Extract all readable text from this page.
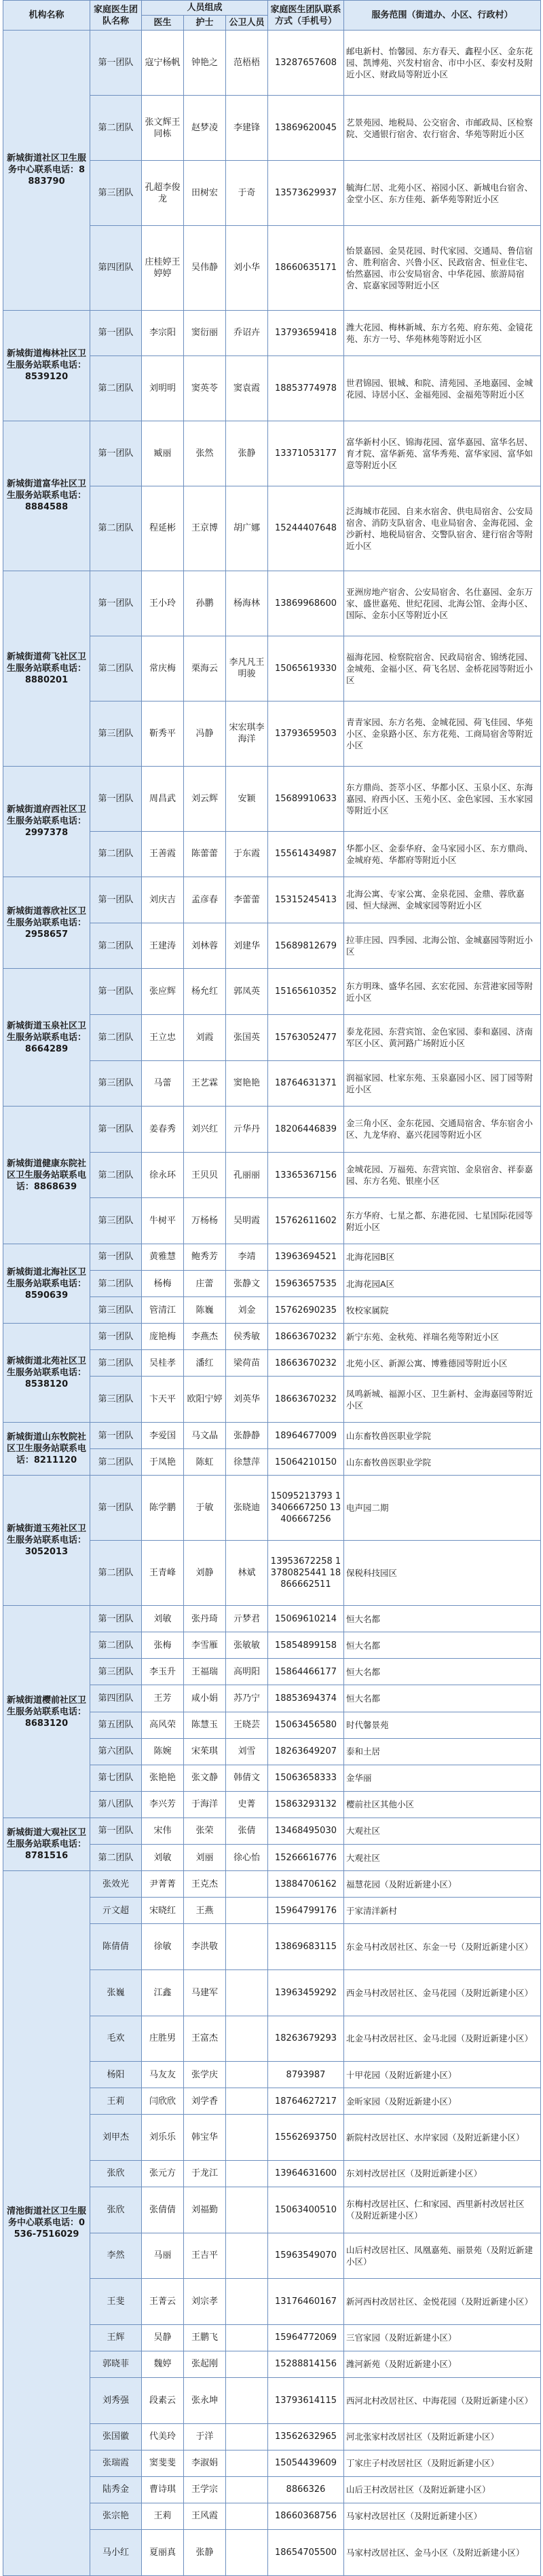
机构名称	家庭医生团队名称	人员组成			家庭医生团队联系方式（手机号）	服务范围（街道办、小区、行政村）
		医生	护士	公卫人员		
新城街道社区卫生服务中心联系电话：8883790	第一团队	寇宁杨帆	钟艳之	范梧梧	13287657608	邮电新村、怡馨园、东方春天、鑫程小区、金东花园、凯博苑、兴发村宿舍、市中小区、泰安村及附近小区、财政局等附近小区
	第二团队	张文辉王同栋	赵梦凌	李建锋	13869620045	艺景苑园、地税局、公交宿舍、市邮政局、区检察院、交通银行宿舍、农行宿舍、华苑等附近小区
	第三团队	孔超李俊龙	田树宏	于奇	13573629937	毓海仁居、北苑小区、裕园小区、新城电台宿舍、金堂小区、东方佳苑、新华苑等附近小区
	第四团队	庄桂婷王婷婷	吴伟静	刘小华	18660635171	怡景嘉园、金昊花园、时代家园、交通局、鲁信宿舍、胜利宿舍、兴鲁小区、民政宿舍、恒业住宅、怡然嘉园、市公安局宿舍、中华花园、旅游局宿舍、宸嘉家园等附近小区
新城街道梅林社区卫生服务站联系电话：8539120	第一团队	李宗阳	窦衍丽	乔诏卉	13793659418	潍大花园、梅林新城、东方名苑、府东苑、金镜花苑、东方一号、华苑林苑等附近小区
	第二团队	刘明明	窦英苓	窦袁霞	18853774978	世君锦园、银城、和院、清苑园、圣地嘉园、金城花园、诗居小区、金福苑园、金福苑等附近小区
新城街道富华社区卫生服务站联系电话：8884588	第一团队	臧丽	张然	张静	13371053177	富华新村小区、锦海花园、富华嘉园、富华名居、育才院、富华新苑、富华秀苑、富华家园、富华如意等附近小区
	第二团队	程延彬	王京博	胡广娜	15244407648	泛海城市花园、自来水宿舍、供电局宿舍、公安局宿舍、消防支队宿舍、电业局宿舍、金海花园、金沙新村、地税局宿舍、交警队宿舍、建行宿舍等附近小区
新城街道荷飞社区卫生服务站联系电话：8880201	第一团队	王小玲	孙鹏	杨海林	13869968600	亚洲房地产宿舍、公安局宿舍、名仕嘉园、金东万家、盛世嘉苑、世纪花园、北海公馆、金海小区、国际、金东小区等附近小区
	第二团队	常庆梅	栗海云	李凡凡王明骏	15065619330	福海花园、检察院宿舍、民政局宿舍、锦绣花园、金城苑、金福小区、荷飞名居、金桥花园等附近小区
	第三团队	靳秀平	冯静	宋宏琪李海洋	13793659503	青青家园、东方名苑、金城花园、荷飞佳园、华苑小区、金泉路小区、东方花苑、工商局宿舍等附近小区
新城街道府西社区卫生服务站联系电话：2997378	第一团队	周昌武	刘云辉	安颖	15689910633	东方鼎尚、荟萃小区、华都小区、玉泉小区、东海嘉园、府西小区、玉苑小区、金色家园、玉水家园等附近小区
	第二团队	王善霞	陈蕾蕾	于东霞	15561434987	华都小区、金泰华府、金马家园小区、东方鼎尚、金城府苑、华都府等附近小区
新城街道蓉欣社区卫生服务站联系电话：2958657	第一团队	刘庆吉	孟彦春	李蕾蕾	15315245413	北海公寓、专家公寓、金泉花园、金鼎、蓉欣嘉园、恒大绿洲、金城家园等附近小区
	第二团队	王建涛	刘林蓉	刘建华	15689812679	拉菲庄园、四季园、北海公馆、金城嘉园等附近小区
新城街道玉泉社区卫生服务站联系电话：8664289	第一团队	张应辉	杨允红	郭凤英	15165610352	东方明珠、盛华名园、玄宏花园、东营港家园等附近小区
	第二团队	王立忠	刘霞	张国英	15763052477	泰龙花园、东营宾馆、金色家园、泰和嘉园、济南军区小区、黄河路广场附近小区
	第三团队	马蕾	王艺霖	窦艳艳	18764631371	润福家园、杜家东苑、玉泉嘉园小区、园丁园等附近小区
新城街道健康东院社区卫生服务站联系电话：8868639	第一团队	姜春秀	刘兴红	亓华丹	18206446839	金三角小区、金东花园、交通局宿舍、华东宿舍小区、九龙华府、嘉兴花园等附近小区
	第二团队	徐永环	王贝贝	孔丽丽	13365367156	金城花园、万福苑、东营宾馆、金泉宿舍、祥泰嘉园、东方名苑、银座小区
	第三团队	牛树平	万杨杨	吴明霞	15762611602	东方华府、七星之都、东港花园、七星国际花园等附近小区
新城街道北海社区卫生服务站联系电话：8590639	第一团队	黄雅慧	鲍秀芳	李靖	13963694521	北海花园B区
	第二团队	杨梅	庄蕾	张静文	15963657535	北海花园A区
	第三团队	管清江	陈巍	刘金	15762690235	牧校家属院
新城街道北苑社区卫生服务站联系电话：8538120	第一团队	庞艳梅	李燕杰	侯秀敏	18663670232	新宁东苑、金秋苑、祥瑞名苑等附近小区
	第二团队	吴桂孝	潘红	梁荷苗	18663670232	北苑小区、新源公寓、博雅德园等附近小区
	第三团队	卞天平	欧阳宁婷	刘英华	18663670232	凤鸣新城、福源小区、卫生新村、金海嘉园等附近小区
新城街道山东牧院社区卫生服务站联系电话：8211120	第一团队	李爱国	马文晶	张静静	18964677009	山东畜牧兽医职业学院
	第二团队	于凤艳	陈虹	徐慧萍	15064210150	山东畜牧兽医职业学院
新城街道玉苑社区卫生服务站联系电话：3052013	第一团队	陈学鹏	于敏	张晓迪	15095213793 13406667250 13406667256	电声园二期
	第二团队	王青峰	刘静	林斌	13953672258 13780825441 18866662511	保税科技园区
新城街道樱前社区卫生服务站联系电话：8683120	第一团队	刘敏	张丹琦	亓梦君	15069610214	恒大名都
	第二团队	张梅	李雪雁	张敏敏	15854899158	恒大名都
	第三团队	李玉升	王福瑞	高明阳	15864466177	恒大名都
	第四团队	王芳	咸小娟	苏乃宁	18853694374	恒大名都
	第五团队	高风荣	陈慧玉	王晓芸	15063456580	时代馨景苑
	第六团队	陈婉	宋茱琪	刘雪	18263649207	泰和土居
	第七团队	张艳艳	张文静	韩倩文	15063658333	金华丽
	第八团队	李兴芳	于海洋	史菁	15863293132	樱前社区其他小区
新城街道大观社区卫生服务站联系电话：8781516	第一团队	宋伟	张荣	张倩	13468495030	大观社区
	第二团队	刘敏	刘丽	徐心怡	15266616776	大观社区
清池街道社区卫生服务中心联系电话：0536-7516029	张效光	尹菁菁	王克杰		13884706162	福慧花园（及附近新建小区）
	亓文超	宋晓红	王燕		15964799176	于家清洋新村
	陈倩倩	徐敏	李洪敬		13869683115	东金马村改居社区、东金一号（及附近新建小区）
	张巍	江鑫	马建军		13963459292	西金马村改居社区、金马花园（及附近新建小区）
	毛欢	庄胜男	王富杰		18263679293	北金马村改居社区、金马北园（及附近新建小区）
	杨阳	马友友	张学庆		8793987	十甲花园（及附近新建小区）
	王莉	闫欣欣	刘学香		18764627217	金昕家园（及附近新建小区）
	刘甲杰	刘乐乐	韩宝华		15562693750	新院村改居社区、水岸家园（及附近新建小区）
	张欣	张元方	于龙江		13964631600	东刘村改居社区（及附近新建小区）
	张欣	张倩倩	刘福勤		15063400510	东梅村改居社区、仁和家园、西里新村改居社区（及附近新建小区）
	李然	马丽	王吉平		15963549070	山后村改居社区、凤凰嘉苑、丽景苑（及附近新建小区）
	王斐	王菁云	刘宗孝		13176460167	新河西村改居社区、金悦花园（及附近新建小区）
	王辉	吴静	王鹏飞		15964772069	三官家园（及附近新建小区）
	郭晓菲	魏婷	张起刚		15288814156	潍河新苑（及附近新建小区）
	刘秀强	段素云	张永坤		13793614115	西河北村改居社区、中海花园（及附近新建小区）
	张国徽	代美玲	于洋		13562632965	河北张家村改居社区（及附近新建小区）
	张瑞霞	窦斐斐	李淑娟		15054439609	丁家庄子村改居社区（及附近新建小区）
	陆秀金	曹诗琪	王学宗		8866326	山后王村改居社区（及附近新建小区）
	张宗艳	王莉	王风霞		18660368756	马家村改居社区（及附近新建小区）
	马小红	夏丽真	张静		18654705500	马家村改居社区、金马小区（及附近新建小区）
